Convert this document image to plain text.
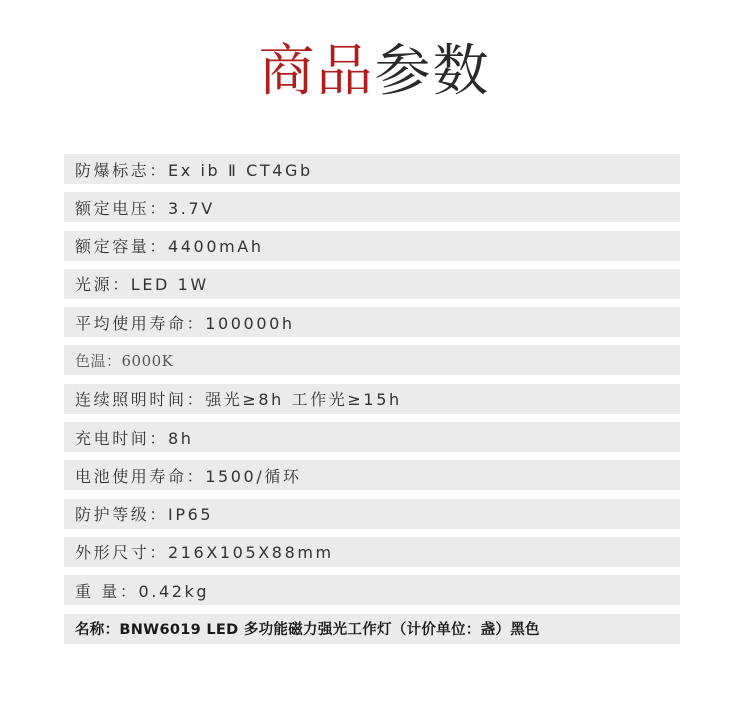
商品参数
防爆标志：Ex ib Ⅱ CT4Gb
额定电压：3.7V
额定容量：4400mAh
光源：LED 1W
平均使用寿命：100000h
色温：6000K
连续照明时间：强光≥8h 工作光≥15h
充电时间：8h
电池使用寿命：1500/循环
防护等级：IP65
外形尺寸：216X105X88mm
重 量：0.42kg
名称：BNW6019 LED 多功能磁力强光工作灯（计价单位：盏）黑色
